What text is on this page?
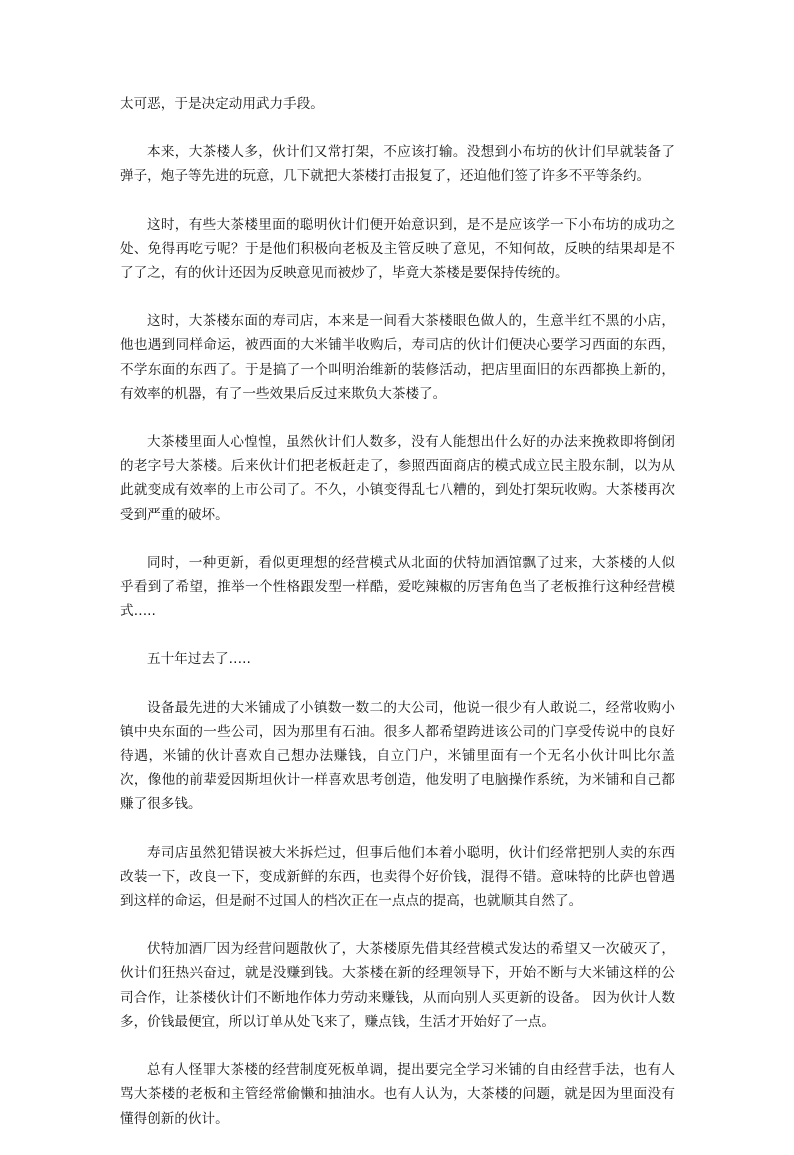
太可恶，于是决定动用武力手段。

本来，大茶楼人多，伙计们又常打架，不应该打输。没想到小布坊的伙计们早就装备了弹子，炮子等先进的玩意，几下就把大茶楼打击报复了，还迫他们签了许多不平等条约。

这时，有些大茶楼里面的聪明伙计们便开始意识到，是不是应该学一下小布坊的成功之处、免得再吃亏呢？于是他们积极向老板及主管反映了意见，不知何故，反映的结果却是不了了之，有的伙计还因为反映意见而被炒了，毕竟大茶楼是要保持传统的。

这时，大茶楼东面的寿司店，本来是一间看大茶楼眼色做人的，生意半红不黑的小店，他也遇到同样命运，被西面的大米铺半收购后，寿司店的伙计们便决心要学习西面的东西，不学东面的东西了。于是搞了一个叫明治维新的装修活动，把店里面旧的东西都换上新的，有效率的机器，有了一些效果后反过来欺负大茶楼了。

大茶楼里面人心惶惶，虽然伙计们人数多，没有人能想出什么好的办法来挽救即将倒闭的老字号大茶楼。后来伙计们把老板赶走了，参照西面商店的模式成立民主股东制，以为从此就变成有效率的上市公司了。不久，小镇变得乱七八糟的，到处打架玩收购。大茶楼再次受到严重的破坏。

同时，一种更新，看似更理想的经营模式从北面的伏特加酒馆飘了过来，大茶楼的人似乎看到了希望，推举一个性格跟发型一样酷，爱吃辣椒的厉害角色当了老板推行这种经营模式…..

五十年过去了…..

设备最先进的大米铺成了小镇数一数二的大公司，他说一很少有人敢说二，经常收购小镇中央东面的一些公司，因为那里有石油。很多人都希望跨进该公司的门享受传说中的良好待遇，米铺的伙计喜欢自己想办法赚钱，自立门户，米铺里面有一个无名小伙计叫比尔盖次，像他的前辈爱因斯坦伙计一样喜欢思考创造，他发明了电脑操作系统，为米铺和自己都赚了很多钱。

寿司店虽然犯错误被大米拆烂过，但事后他们本着小聪明，伙计们经常把别人卖的东西改装一下，改良一下，变成新鲜的东西，也卖得个好价钱，混得不错。意味特的比萨也曾遇到这样的命运，但是耐不过国人的档次正在一点点的提高，也就顺其自然了。

伏特加酒厂因为经营问题散伙了，大茶楼原先借其经营模式发达的希望又一次破灭了，伙计们狂热兴奋过，就是没赚到钱。大茶楼在新的经理领导下，开始不断与大米铺这样的公司合作，让茶楼伙计们不断地作体力劳动来赚钱，从而向别人买更新的设备。 因为伙计人数多，价钱最便宜，所以订单从处飞来了，赚点钱，生活才开始好了一点。

总有人怪罪大茶楼的经营制度死板单调，提出要完全学习米铺的自由经营手法，也有人骂大茶楼的老板和主管经常偷懒和抽油水。也有人认为，大茶楼的问题，就是因为里面没有懂得创新的伙计。
